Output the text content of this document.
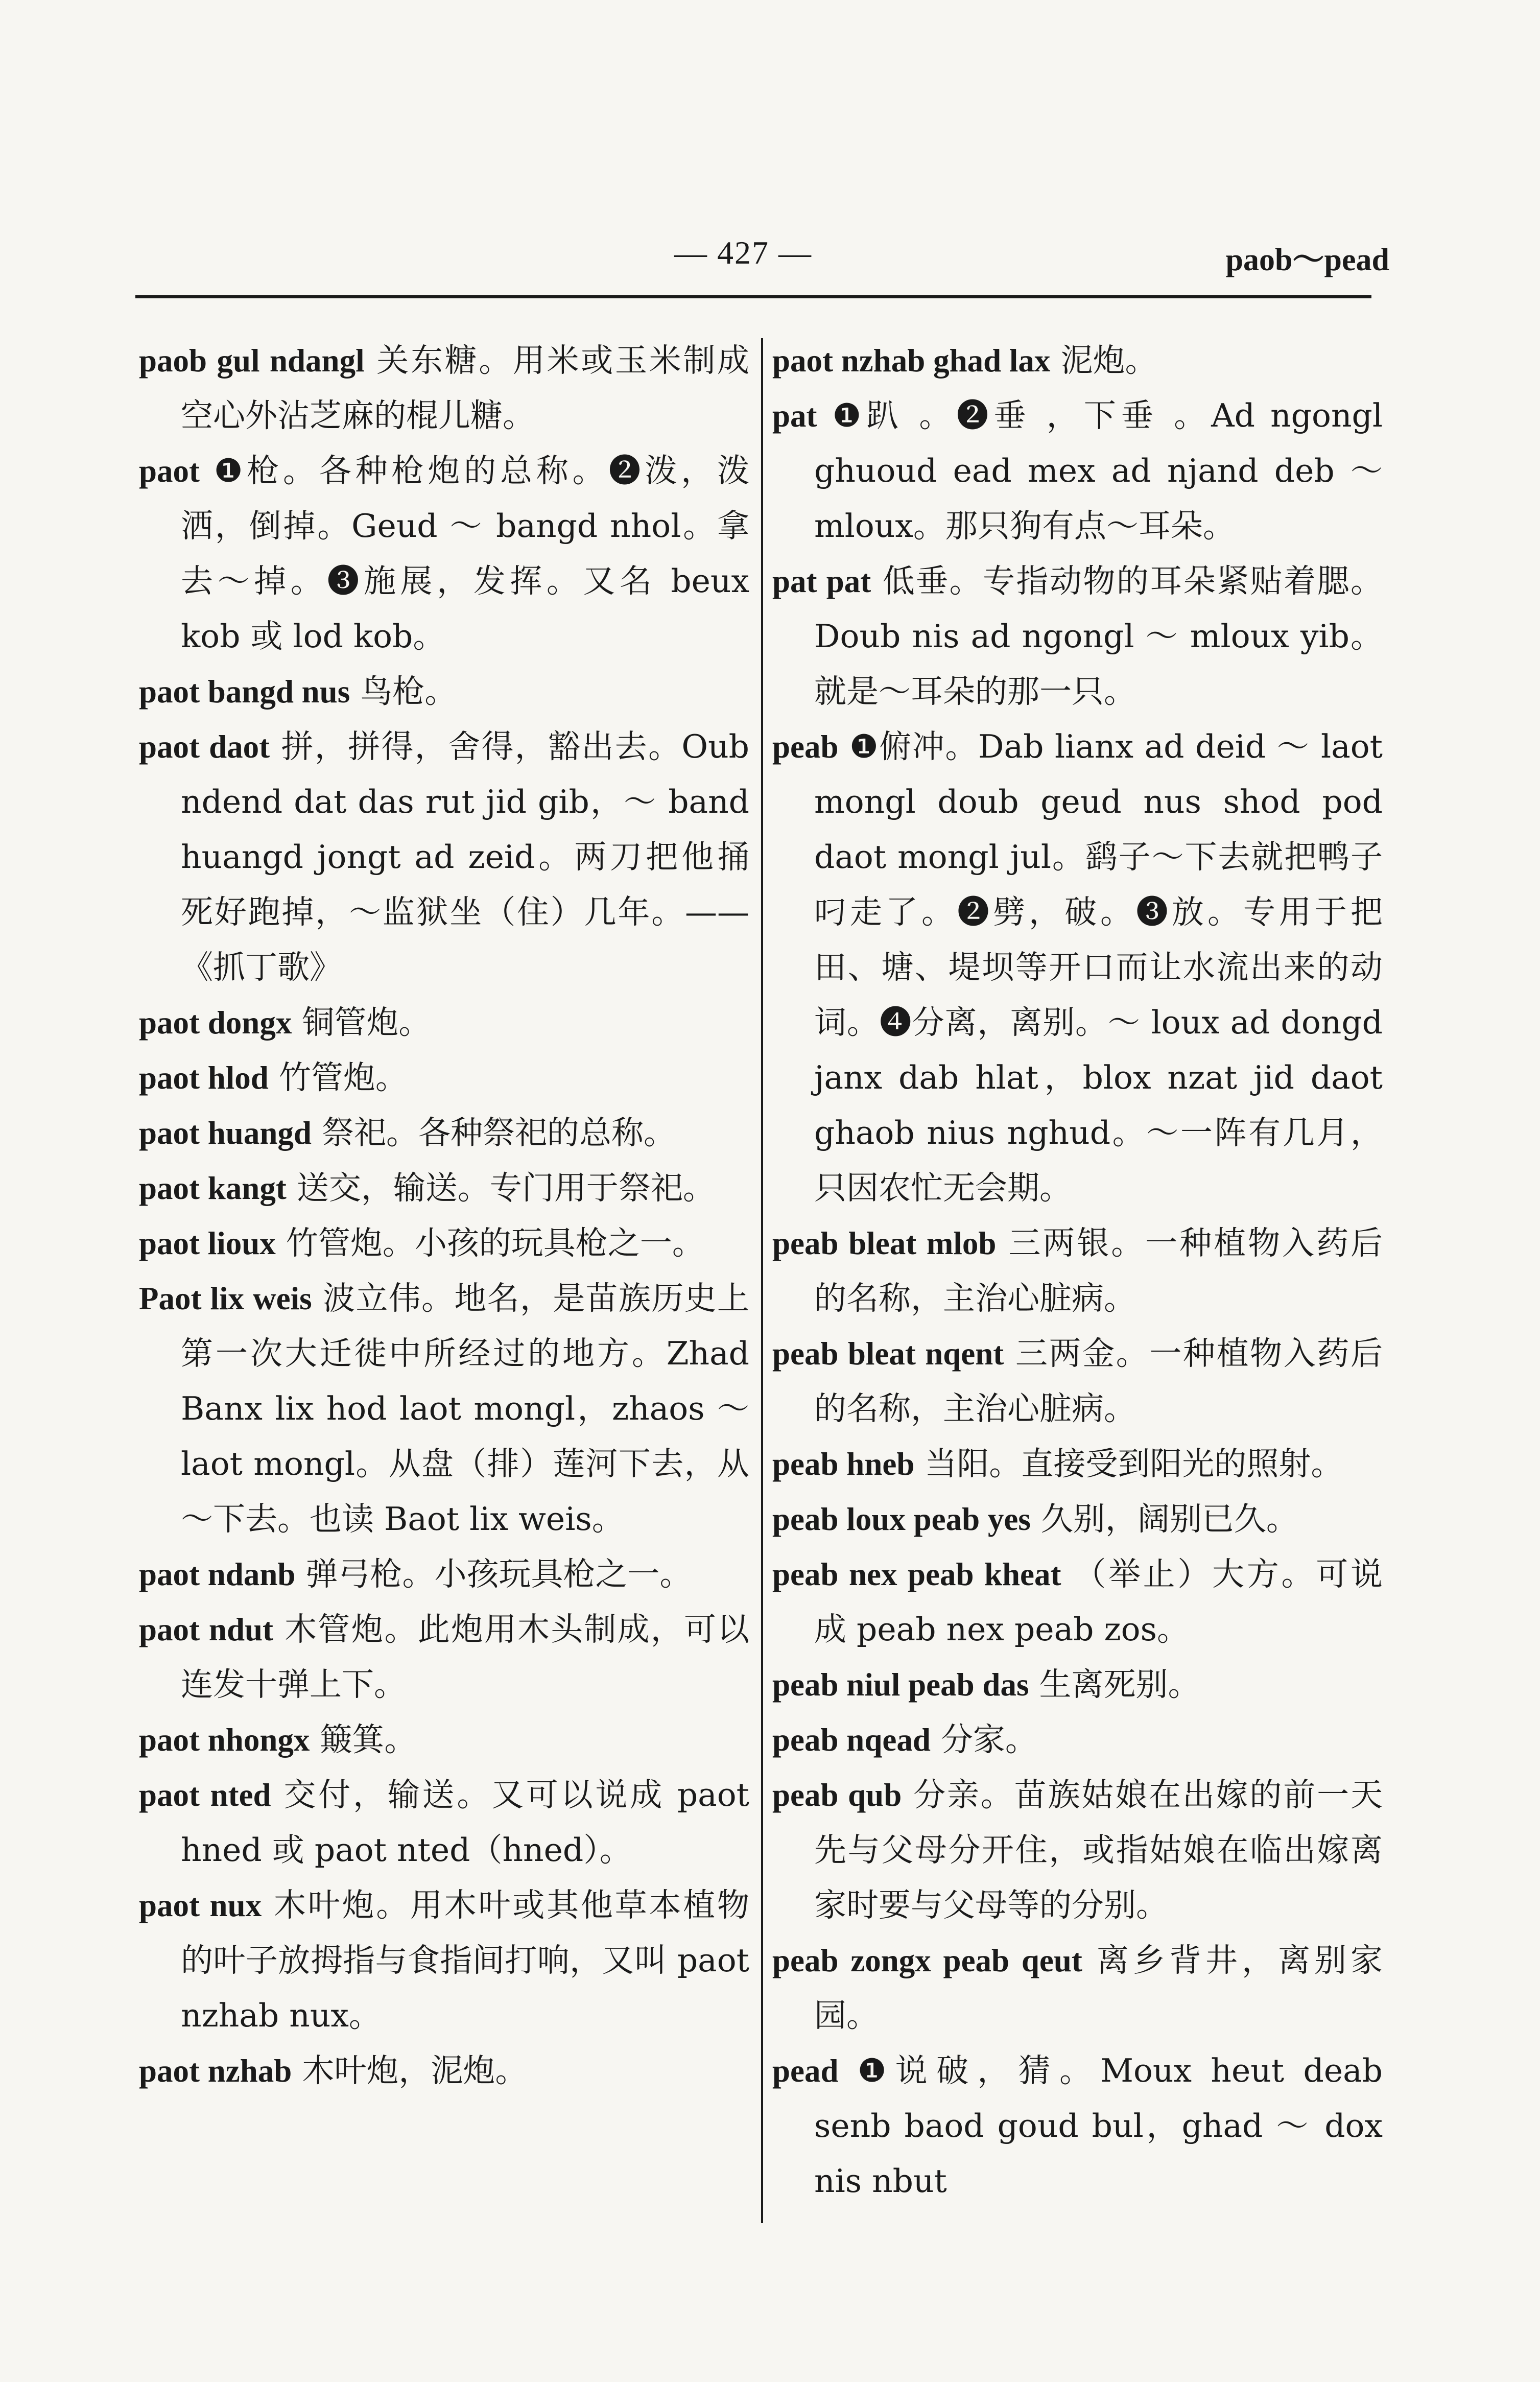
— 427 —	paob～pead

paob gul ndangl 关东糖。用米或玉米制成空心外沾芝麻的棍儿糖。

paot ❶枪。各种枪炮的总称。❷泼，泼洒，倒掉。Geud ～ bangd nhol。拿去～掉。❸施展，发挥。又名 beux kob 或 lod kob。

paot bangd nus 鸟枪。

paot daot 拼，拼得，舍得，豁出去。Oub ndend dat das rut jid gib，～ band huangd jongt ad zeid。两刀把他捅死好跑掉，～监狱坐（住）几年。——《抓丁歌》

paot dongx 铜管炮。

paot hlod 竹管炮。

paot huangd 祭祀。各种祭祀的总称。

paot kangt 送交，输送。专门用于祭祀。

paot lioux 竹管炮。小孩的玩具枪之一。

Paot lix weis 波立伟。地名，是苗族历史上第一次大迁徙中所经过的地方。Zhad Banx lix hod laot mongl，zhaos ～ laot mongl。从盘（排）莲河下去，从～下去。也读 Baot lix weis。

paot ndanb 弹弓枪。小孩玩具枪之一。

paot ndut 木管炮。此炮用木头制成，可以连发十弹上下。

paot nhongx 簸箕。

paot nted 交付，输送。又可以说成 paot hned 或 paot nted（hned）。

paot nux 木叶炮。用木叶或其他草本植物的叶子放拇指与食指间打响，又叫 paot nzhab nux。

paot nzhab 木叶炮，泥炮。

paot nzhab ghad lax 泥炮。

pat ❶趴 。❷垂 ，下垂 。Ad ngongl ghuoud ead mex ad njand deb ～ mloux。那只狗有点～耳朵。

pat pat 低垂。专指动物的耳朵紧贴着腮。Doub nis ad ngongl ～ mloux yib。就是～耳朵的那一只。

peab ❶俯冲。Dab lianx ad deid ～ laot mongl doub geud nus shod pod daot mongl jul。鹞子～下去就把鸭子叼走了。❷劈，破。❸放。专用于把田、塘、堤坝等开口而让水流出来的动词。❹分离，离别。～ loux ad dongd janx dab hlat，blox nzat jid daot ghaob nius nghud。～一阵有几月，只因农忙无会期。

peab bleat mlob 三两银。一种植物入药后的名称，主治心脏病。

peab bleat nqent 三两金。一种植物入药后的名称，主治心脏病。

peab hneb 当阳。直接受到阳光的照射。

peab loux peab yes 久别，阔别已久。

peab nex peab kheat （举止）大方。可说成 peab nex peab zos。

peab niul peab das 生离死别。

peab nqead 分家。

peab qub 分亲。苗族姑娘在出嫁的前一天先与父母分开住，或指姑娘在临出嫁离家时要与父母等的分别。

peab zongx peab qeut 离乡背井，离别家园。

pead ❶说破，猜。Moux heut deab senb baod goud bul，ghad ～ dox nis nbut
